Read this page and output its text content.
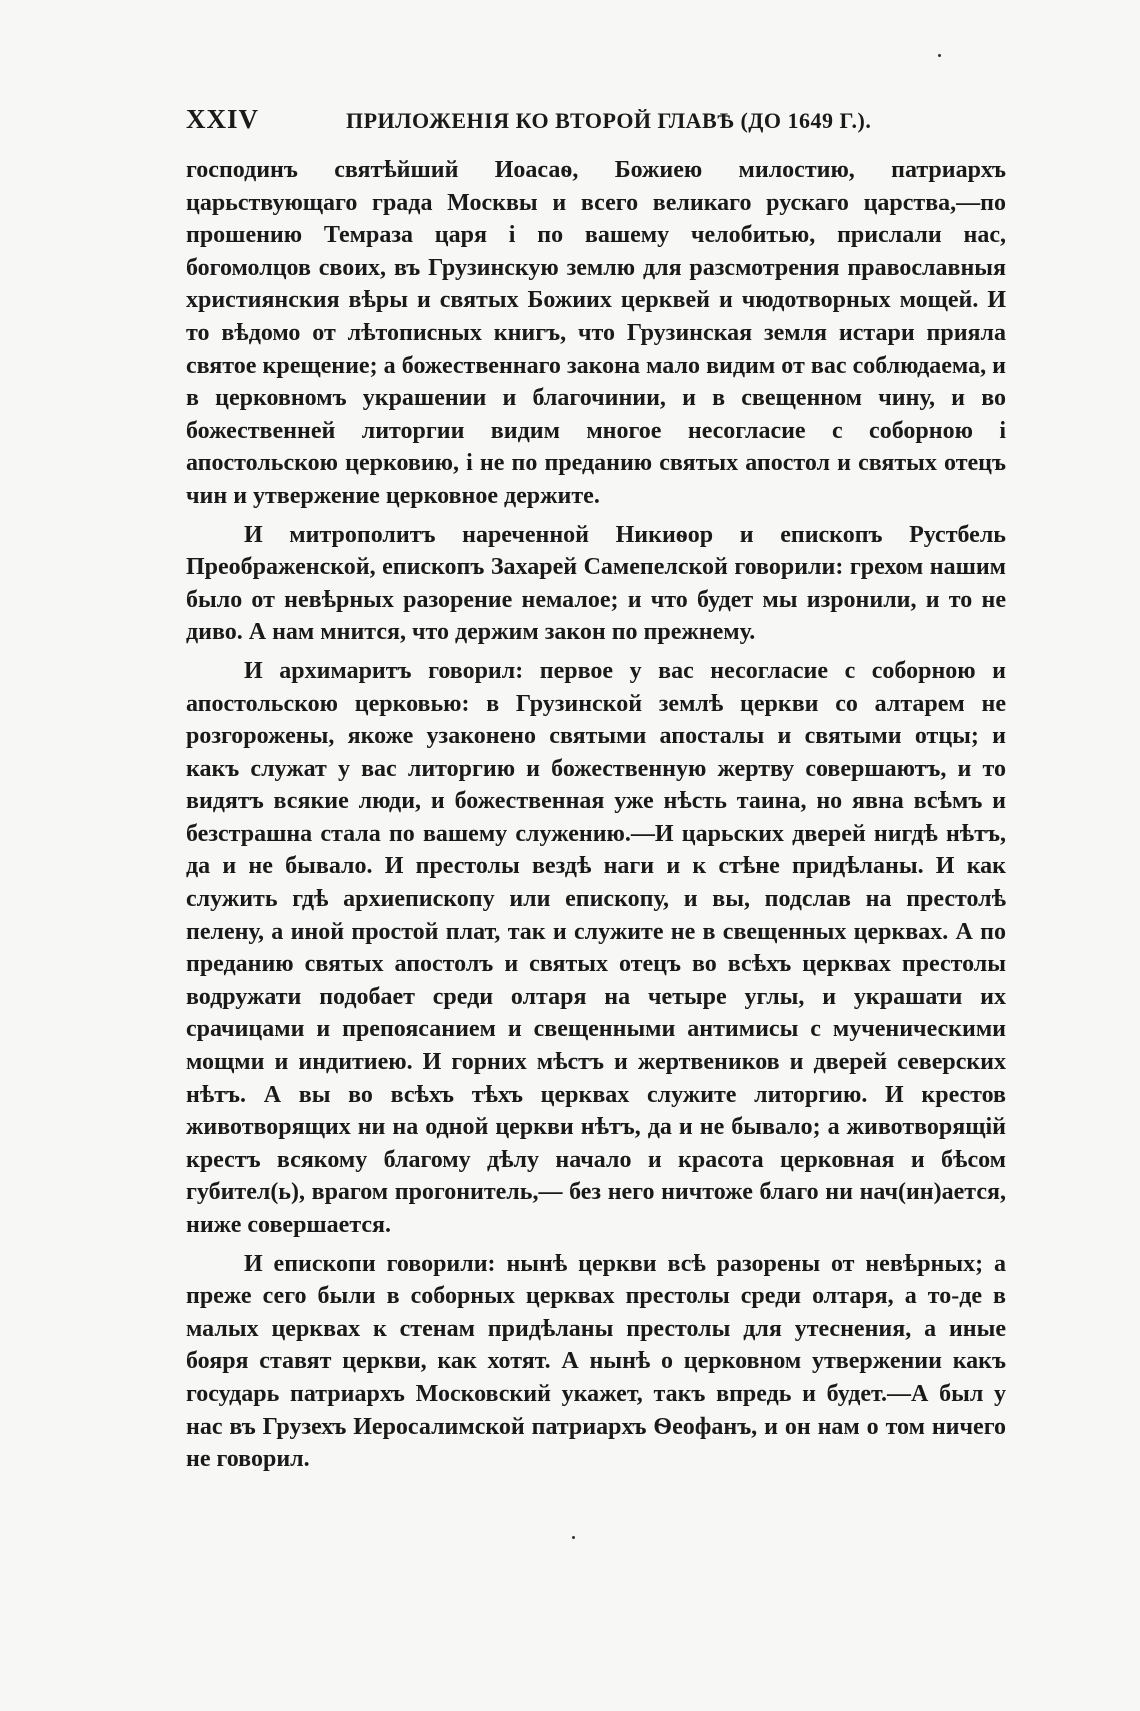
XXIV	ПРИЛОЖЕНІЯ КО ВТОРОЙ ГЛАВѢ (ДО 1649 Г.).

господинъ святѣйший Иоасаѳ, Божиею милостию, патриархъ царьствующаго града Москвы и всего великаго рускаго царства,—по прошению Темраза царя і по вашему челобитью, прислали нас, богомолцов своих, въ Грузинскую землю для разсмотрения православныя християнския вѣры и святых Божиих церквей и чюдотворных мощей. И то вѣдомо от лѣтописных книгъ, что Грузинская земля истари прияла святое крещение; а божественнаго закона мало видим от вас соблюдаема, и в церковномъ украшении и благочинии, и в свещенном чину, и во божественней литоргии видим многое несогласие с соборною і апостольскою церковию, і не по преданию святых апостол и святых отецъ чин и утвержение церковное держите.

И митрополитъ нареченной Никиѳор и епископъ Рустбель Преображенской, епископъ Захарей Самепелской говорили: грехом нашим было от невѣрных разорение немалое; и что будет мы изронили, и то не диво. А нам мнится, что держим закон по прежнему.

И архимаритъ говорил: первое у вас несогласие с соборною и апостольскою церковью: в Грузинской землѣ церкви со алтарем не розгорожены, якоже узаконено святыми апосталы и святыми отцы; и какъ служат у вас литоргию и божественную жертву совершаютъ, и то видятъ всякие люди, и божественная уже нѣсть таина, но явна всѣмъ и безстрашна стала по вашему служению.—И царьских дверей нигдѣ нѣтъ, да и не бывало. И престолы вездѣ наги и к стѣне придѣланы. И как служить гдѣ архиепископу или епископу, и вы, подслав на престолѣ пелену, а иной простой плат, так и служите не в свещенных церквах. А по преданию святых апостолъ и святых отецъ во всѣхъ церквах престолы водружати подобает среди олтаря на четыре углы, и украшати их срачицами и препоясанием и свещенными антимисы с мученическими мощми и индитиею. И горних мѣстъ и жертвеников и дверей северских нѣтъ. А вы во всѣхъ тѣхъ церквах служите литоргию. И крестов животворящих ни на одной церкви нѣтъ, да и не бывало; а животворящій крестъ всякому благому дѣлу начало и красота церковная и бѣсом губител(ь), врагом прогонитель,— без него ничтоже благо ни нач(ин)ается, ниже совершается.

И епископи говорили: нынѣ церкви всѣ разорены от невѣрных; а преже сего были в соборных церквах престолы среди олтаря, а то-де в малых церквах к стенам придѣланы престолы для утеснения, а иные бояря ставят церкви, как хотят. А нынѣ о церковном утвержении какъ государь патриархъ Московский укажет, такъ впредь и будет.—А был у нас въ Грузехъ Иеросалимской патриархъ Ѳеофанъ, и он нам о том ничего не говорил.
